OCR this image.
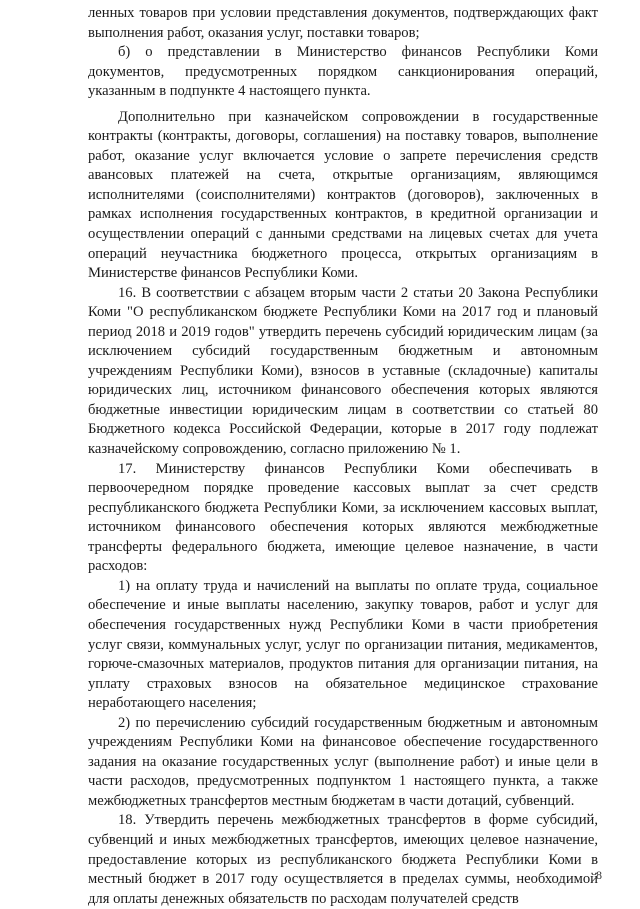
ленных товаров при условии представления документов, подтверждающих факт выполнения работ, оказания услуг, поставки товаров;

б) о представлении в Министерство финансов Республики Коми документов, предусмотренных порядком санкционирования операций, указанным в подпункте 4 настоящего пункта.

Дополнительно при казначейском сопровождении в государственные контракты (контракты, договоры, соглашения) на поставку товаров, выполнение работ, оказание услуг включается условие о запрете перечисления средств авансовых платежей на счета, открытые организациям, являющимся исполнителями (соисполнителями) контрактов (договоров), заключенных в рамках исполнения государственных контрактов, в кредитной организации и осуществлении операций с данными средствами на лицевых счетах для учета операций неучастника бюджетного процесса, открытых организациям в Министерстве финансов Республики Коми.

16. В соответствии с абзацем вторым части 2 статьи 20 Закона Республики Коми "О республиканском бюджете Республики Коми на 2017 год и плановый период 2018 и 2019 годов" утвердить перечень субсидий юридическим лицам (за исключением субсидий государственным бюджетным и автономным учреждениям Республики Коми), взносов в уставные (складочные) капиталы юридических лиц, источником финансового обеспечения которых являются бюджетные инвестиции юридическим лицам в соответствии со статьей 80 Бюджетного кодекса Российской Федерации, которые в 2017 году подлежат казначейскому сопровождению, согласно приложению № 1.

17. Министерству финансов Республики Коми обеспечивать в первоочередном порядке проведение кассовых выплат за счет средств республиканского бюджета Республики Коми, за исключением кассовых выплат, источником финансового обеспечения которых являются межбюджетные трансферты федерального бюджета, имеющие целевое назначение, в части расходов:

1) на оплату труда и начислений на выплаты по оплате труда, социальное обеспечение и иные выплаты населению, закупку товаров, работ и услуг для обеспечения государственных нужд Республики Коми в части приобретения услуг связи, коммунальных услуг, услуг по организации питания, медикаментов, горюче-смазочных материалов, продуктов питания для организации питания, на уплату страховых взносов на обязательное медицинское страхование неработающего населения;

2) по перечислению субсидий государственным бюджетным и автономным учреждениям Республики Коми на финансовое обеспечение государственного задания на оказание государственных услуг (выполнение работ) и иные цели в части расходов, предусмотренных подпунктом 1 настоящего пункта, а также межбюджетных трансфертов местным бюджетам в части дотаций, субвенций.

18. Утвердить перечень межбюджетных трансфертов в форме субсидий, субвенций и иных межбюджетных трансфертов, имеющих целевое назначение, предоставление которых из республиканского бюджета Республики Коми в местный бюджет в 2017 году осуществляется в пределах суммы, необходимой для оплаты денежных обязательств по расходам получателей средств

8
